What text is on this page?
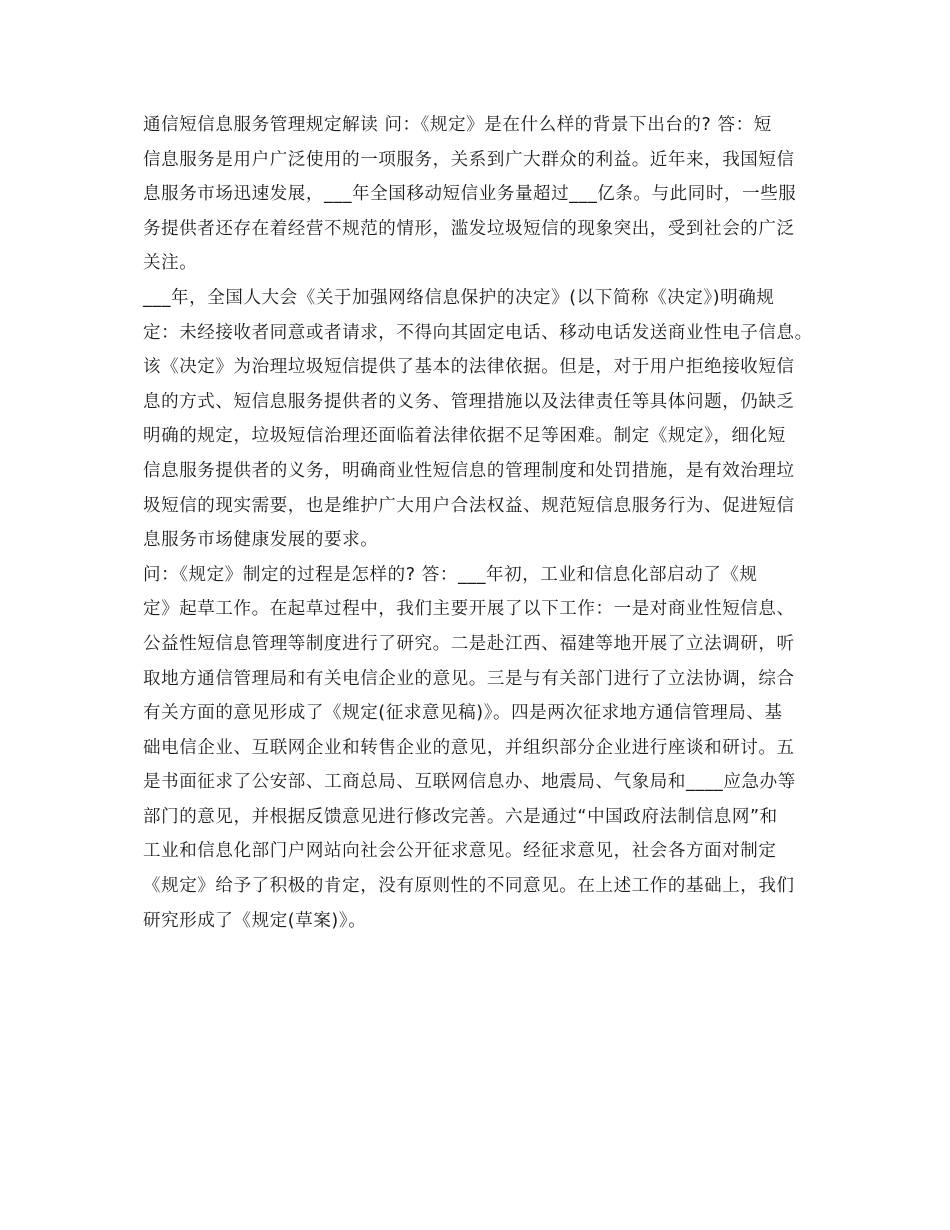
通信短信息服务管理规定解读 问：《规定》是在什么样的背景下出台的? 答：短
信息服务是用户广泛使用的一项服务，关系到广大群众的利益。近年来，我国短信
息服务市场迅速发展，___年全国移动短信业务量超过___亿条。与此同时，一些服
务提供者还存在着经营不规范的情形，滥发垃圾短信的现象突出，受到社会的广泛
关注。
___年，全国人大会《关于加强网络信息保护的决定》(以下简称《决定》)明确规
定：未经接收者同意或者请求，不得向其固定电话、移动电话发送商业性电子信息。
该《决定》为治理垃圾短信提供了基本的法律依据。但是，对于用户拒绝接收短信
息的方式、短信息服务提供者的义务、管理措施以及法律责任等具体问题，仍缺乏
明确的规定，垃圾短信治理还面临着法律依据不足等困难。制定《规定》，细化短
信息服务提供者的义务，明确商业性短信息的管理制度和处罚措施，是有效治理垃
圾短信的现实需要，也是维护广大用户合法权益、规范短信息服务行为、促进短信
息服务市场健康发展的要求。
问：《规定》制定的过程是怎样的? 答：___年初，工业和信息化部启动了《规
定》起草工作。在起草过程中，我们主要开展了以下工作：一是对商业性短信息、
公益性短信息管理等制度进行了研究。二是赴江西、福建等地开展了立法调研，听
取地方通信管理局和有关电信企业的意见。三是与有关部门进行了立法协调，综合
有关方面的意见形成了《规定(征求意见稿)》。四是两次征求地方通信管理局、基
础电信企业、互联网企业和转售企业的意见，并组织部分企业进行座谈和研讨。五
是书面征求了公安部、工商总局、互联网信息办、地震局、气象局和____应急办等
部门的意见，并根据反馈意见进行修改完善。六是通过“中国政府法制信息网”和
工业和信息化部门户网站向社会公开征求意见。经征求意见，社会各方面对制定
《规定》给予了积极的肯定，没有原则性的不同意见。在上述工作的基础上，我们
研究形成了《规定(草案)》。
